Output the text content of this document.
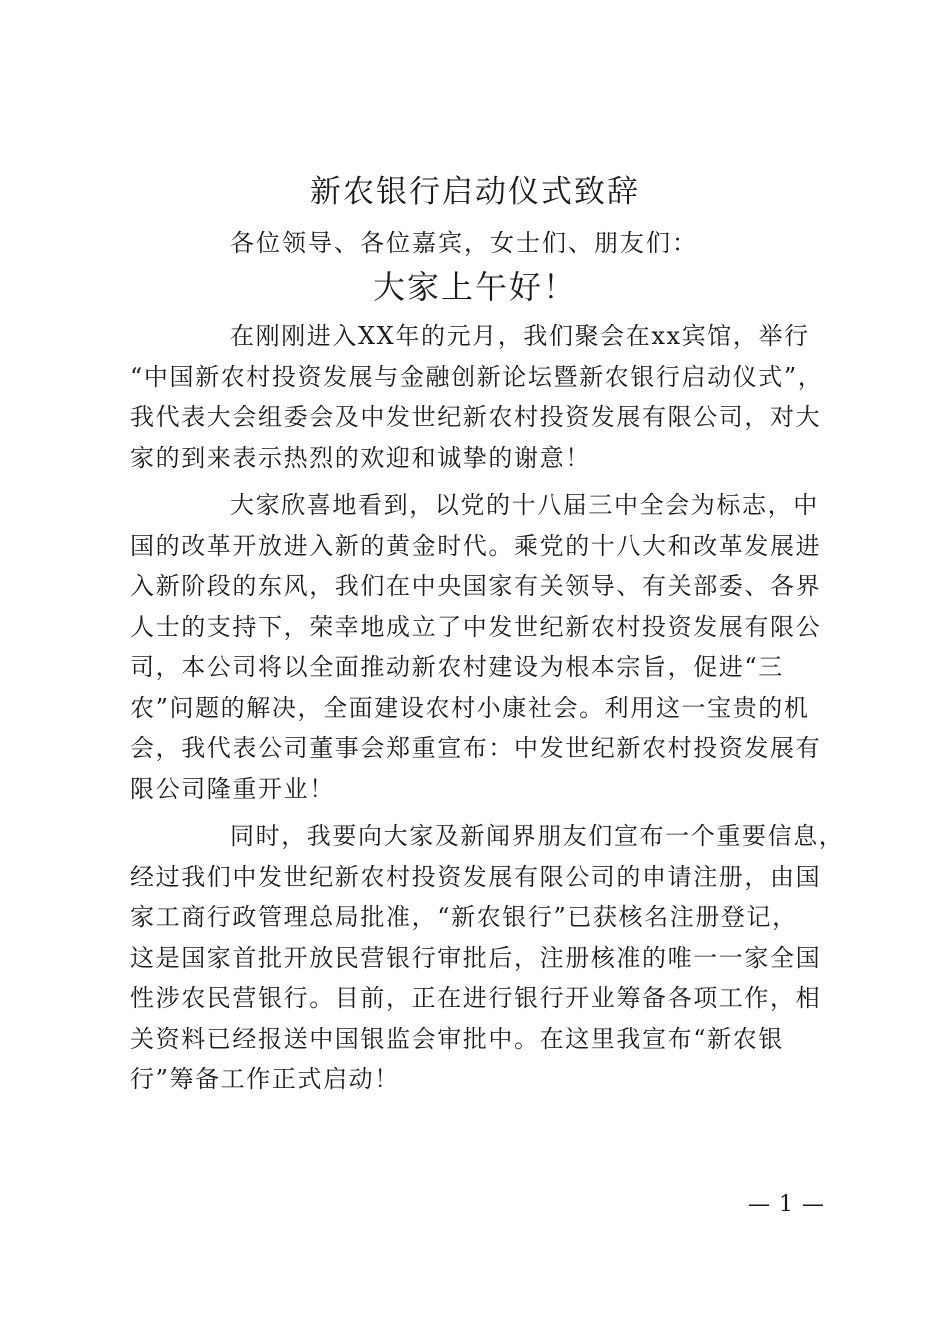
新农银行启动仪式致辞
各位领导、各位嘉宾，女士们、朋友们：
大家上午好！

在刚刚进入XX年的元月，我们聚会在xx宾馆，举行
“中国新农村投资发展与金融创新论坛暨新农银行启动仪式”，
我代表大会组委会及中发世纪新农村投资发展有限公司，对大
家的到来表示热烈的欢迎和诚挚的谢意！

大家欣喜地看到，以党的十八届三中全会为标志，中
国的改革开放进入新的黄金时代。乘党的十八大和改革发展进
入新阶段的东风，我们在中央国家有关领导、有关部委、各界
人士的支持下，荣幸地成立了中发世纪新农村投资发展有限公
司，本公司将以全面推动新农村建设为根本宗旨，促进“三
农”问题的解决，全面建设农村小康社会。利用这一宝贵的机
会，我代表公司董事会郑重宣布：中发世纪新农村投资发展有
限公司隆重开业！

同时，我要向大家及新闻界朋友们宣布一个重要信息，
经过我们中发世纪新农村投资发展有限公司的申请注册，由国
家工商行政管理总局批准，“新农银行”已获核名注册登记，
这是国家首批开放民营银行审批后，注册核准的唯一一家全国
性涉农民营银行。目前，正在进行银行开业筹备各项工作，相
关资料已经报送中国银监会审批中。在这里我宣布“新农银
行”筹备工作正式启动！

— 1 —
